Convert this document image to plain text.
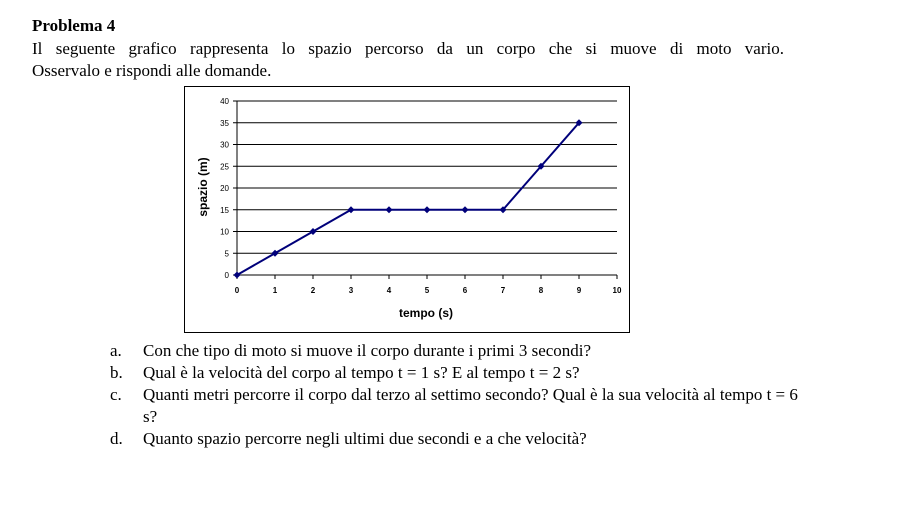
Problema 4
Il seguente grafico rappresenta lo spazio percorso da un corpo che si muove di moto vario.
Osservalo e rispondi alle domande.
0
5
10
15
20
25
30
35
40
0	1	2	3	4	5	6	7	8	9	10
tempo (s)
spazio (m)
a.	Con che tipo di moto si muove il corpo durante i primi 3 secondi?
b.	Qual è la velocità del corpo al tempo t = 1 s? E al tempo t = 2 s?
c.	Quanti metri percorre il corpo dal terzo al settimo secondo? Qual è la sua velocità al tempo t = 6 s?
d.	Quanto spazio percorre negli ultimi due secondi e a che velocità?
